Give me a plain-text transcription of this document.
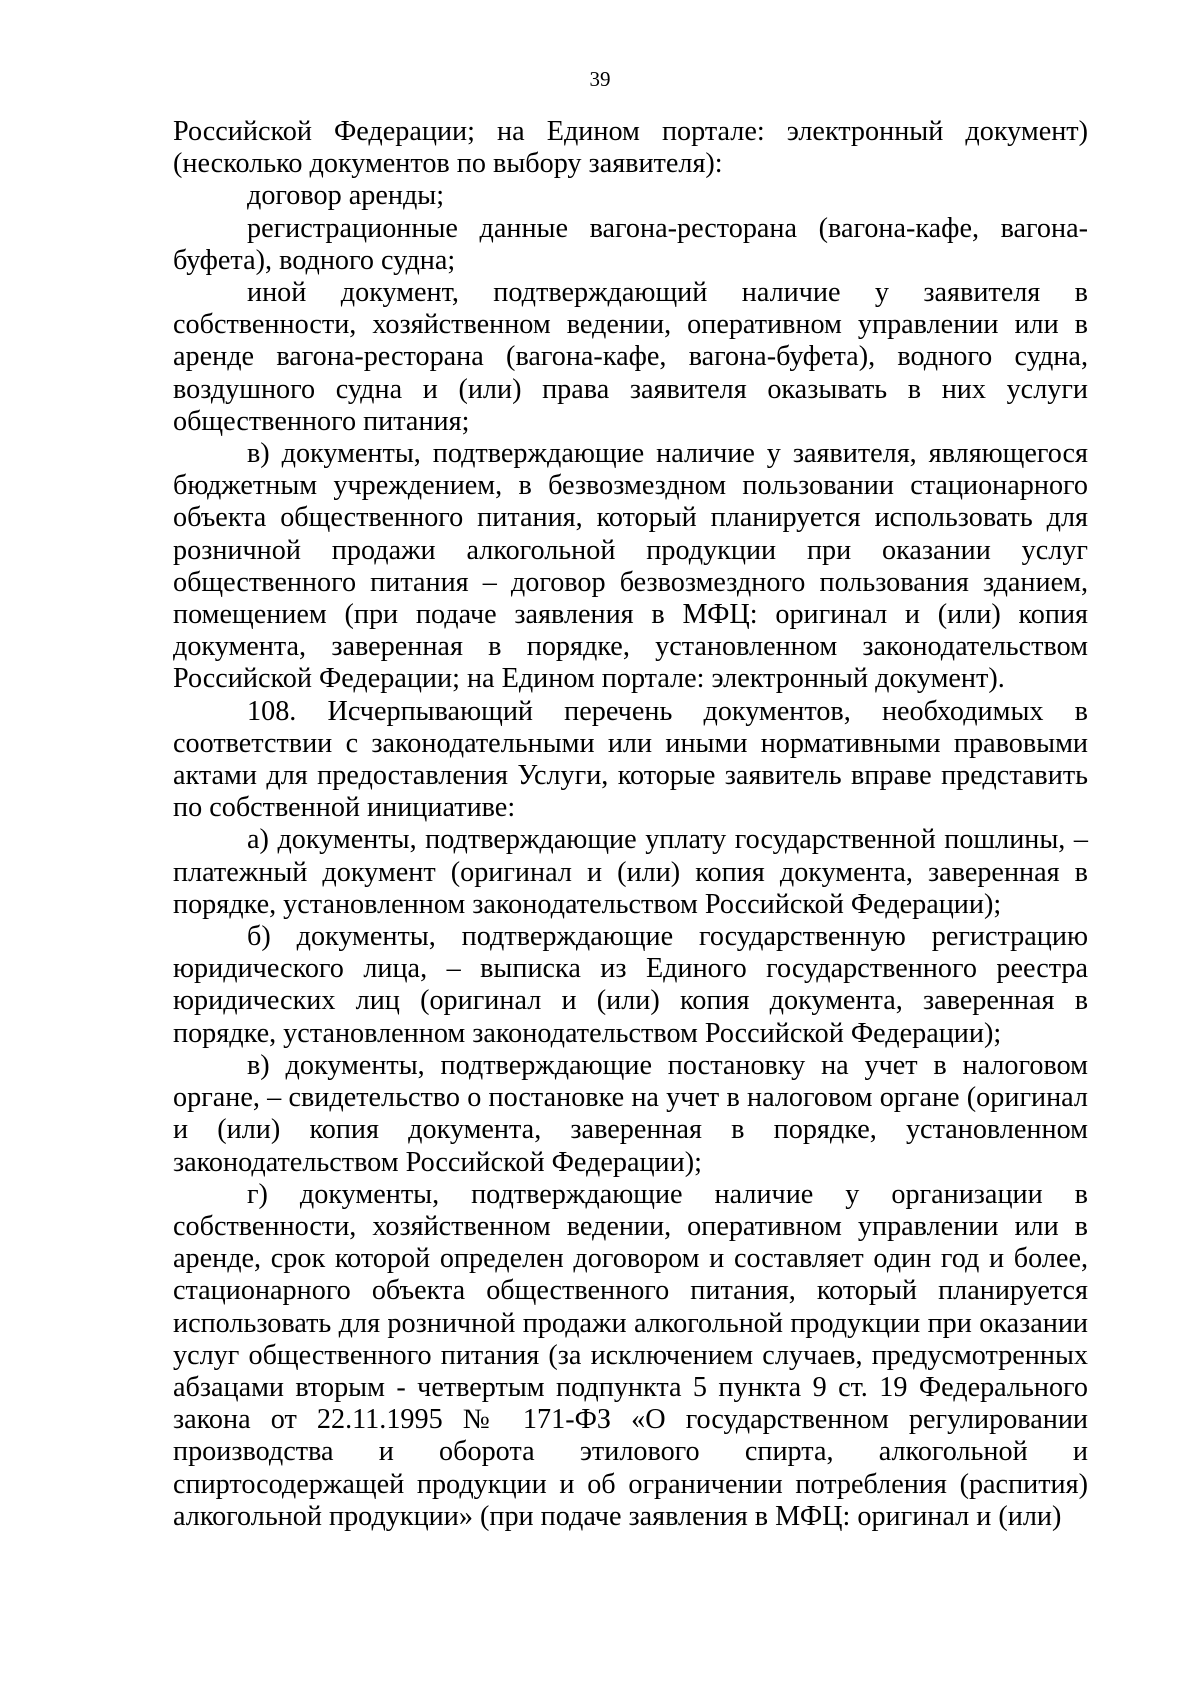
39

Российской Федерации; на Едином портале: электронный документ) (несколько документов по выбору заявителя):

договор аренды;

регистрационные данные вагона-ресторана (вагона-кафе, вагона-буфета), водного судна;

иной документ, подтверждающий наличие у заявителя в собственности, хозяйственном ведении, оперативном управлении или в аренде вагона-ресторана (вагона-кафе, вагона-буфета), водного судна, воздушного судна и (или) права заявителя оказывать в них услуги общественного питания;

в) документы, подтверждающие наличие у заявителя, являющегося бюджетным учреждением, в безвозмездном пользовании стационарного объекта общественного питания, который планируется использовать для розничной продажи алкогольной продукции при оказании услуг общественного питания – договор безвозмездного пользования зданием, помещением (при подаче заявления в МФЦ: оригинал и (или) копия документа, заверенная в порядке, установленном законодательством Российской Федерации; на Едином портале: электронный документ).

108. Исчерпывающий перечень документов, необходимых в соответствии с законодательными или иными нормативными правовыми актами для предоставления Услуги, которые заявитель вправе представить по собственной инициативе:

а) документы, подтверждающие уплату государственной пошлины, – платежный документ (оригинал и (или) копия документа, заверенная в порядке, установленном законодательством Российской Федерации);

б) документы, подтверждающие государственную регистрацию юридического лица, – выписка из Единого государственного реестра юридических лиц (оригинал и (или) копия документа, заверенная в порядке, установленном законодательством Российской Федерации);

в) документы, подтверждающие постановку на учет в налоговом органе, – свидетельство о постановке на учет в налоговом органе (оригинал и (или) копия документа, заверенная в порядке, установленном законодательством Российской Федерации);

г) документы, подтверждающие наличие у организации в собственности, хозяйственном ведении, оперативном управлении или в аренде, срок которой определен договором и составляет один год и более, стационарного объекта общественного питания, который планируется использовать для розничной продажи алкогольной продукции при оказании услуг общественного питания (за исключением случаев, предусмотренных абзацами вторым - четвертым подпункта 5 пункта 9 ст. 19 Федерального закона от 22.11.1995 № 171-ФЗ «О государственном регулировании производства и оборота этилового спирта, алкогольной и спиртосодержащей продукции и об ограничении потребления (распития) алкогольной продукции» (при подаче заявления в МФЦ: оригинал и (или)
